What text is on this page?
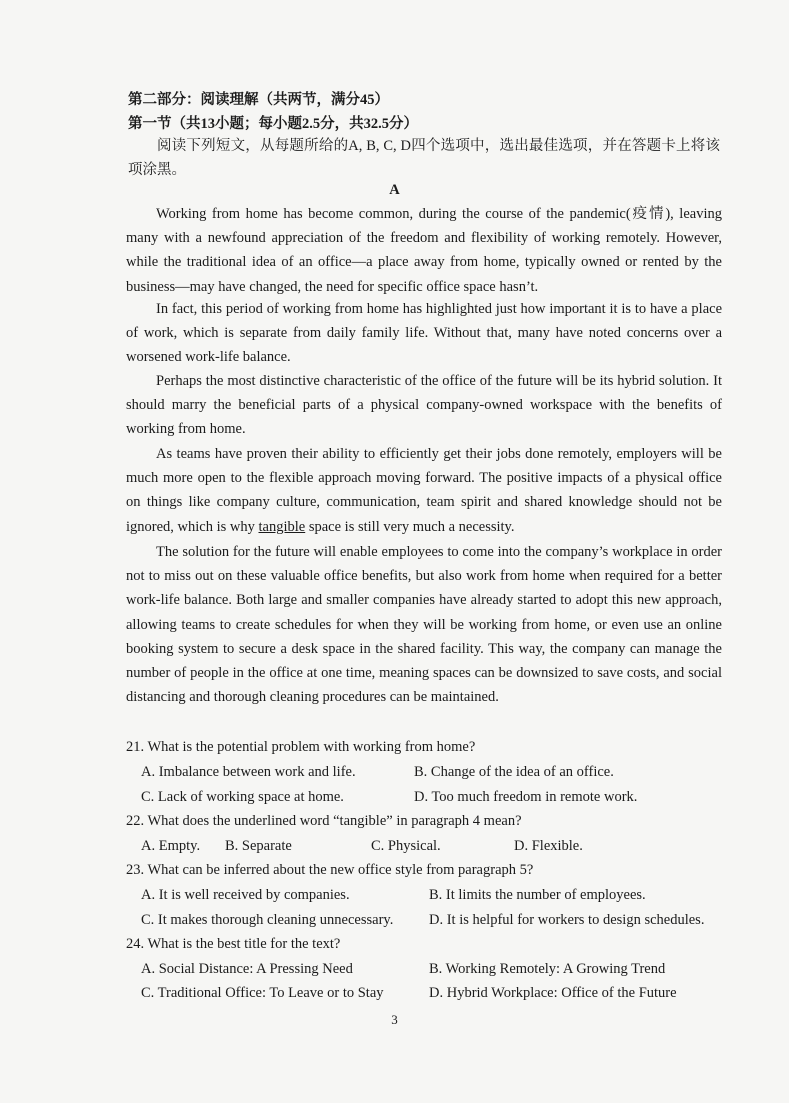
第二部分：阅读理解（共两节，满分45）
第一节（共13小题；每小题2.5分，共32.5分）
阅读下列短文，从每题所给的A, B, C, D四个选项中，选出最佳选项，并在答题卡上将该项涂黑。
A
Working from home has become common, during the course of the pandemic(疫情), leaving many with a newfound appreciation of the freedom and flexibility of working remotely. However, while the traditional idea of an office—a place away from home, typically owned or rented by the business—may have changed, the need for specific office space hasn’t.
In fact, this period of working from home has highlighted just how important it is to have a place of work, which is separate from daily family life. Without that, many have noted concerns over a worsened work-life balance.
Perhaps the most distinctive characteristic of the office of the future will be its hybrid solution. It should marry the beneficial parts of a physical company-owned workspace with the benefits of working from home.
As teams have proven their ability to efficiently get their jobs done remotely, employers will be much more open to the flexible approach moving forward. The positive impacts of a physical office on things like company culture, communication, team spirit and shared knowledge should not be ignored, which is why tangible space is still very much a necessity.
The solution for the future will enable employees to come into the company’s workplace in order not to miss out on these valuable office benefits, but also work from home when required for a better work-life balance. Both large and smaller companies have already started to adopt this new approach, allowing teams to create schedules for when they will be working from home, or even use an online booking system to secure a desk space in the shared facility. This way, the company can manage the number of people in the office at one time, meaning spaces can be downsized to save costs, and social distancing and thorough cleaning procedures can be maintained.
21. What is the potential problem with working from home?
A. Imbalance between work and life.	B. Change of the idea of an office.
C. Lack of working space at home.	D. Too much freedom in remote work.
22. What does the underlined word “tangible” in paragraph 4 mean?
A. Empty. B. Separate	C. Physical.	D. Flexible.
23. What can be inferred about the new office style from paragraph 5?
A. It is well received by companies.	B. It limits the number of employees.
C. It makes thorough cleaning unnecessary. D. It is helpful for workers to design schedules.
24. What is the best title for the text?
A. Social Distance: A Pressing Need	B. Working Remotely: A Growing Trend
C. Traditional Office: To Leave or to Stay	D. Hybrid Workplace: Office of the Future
3
